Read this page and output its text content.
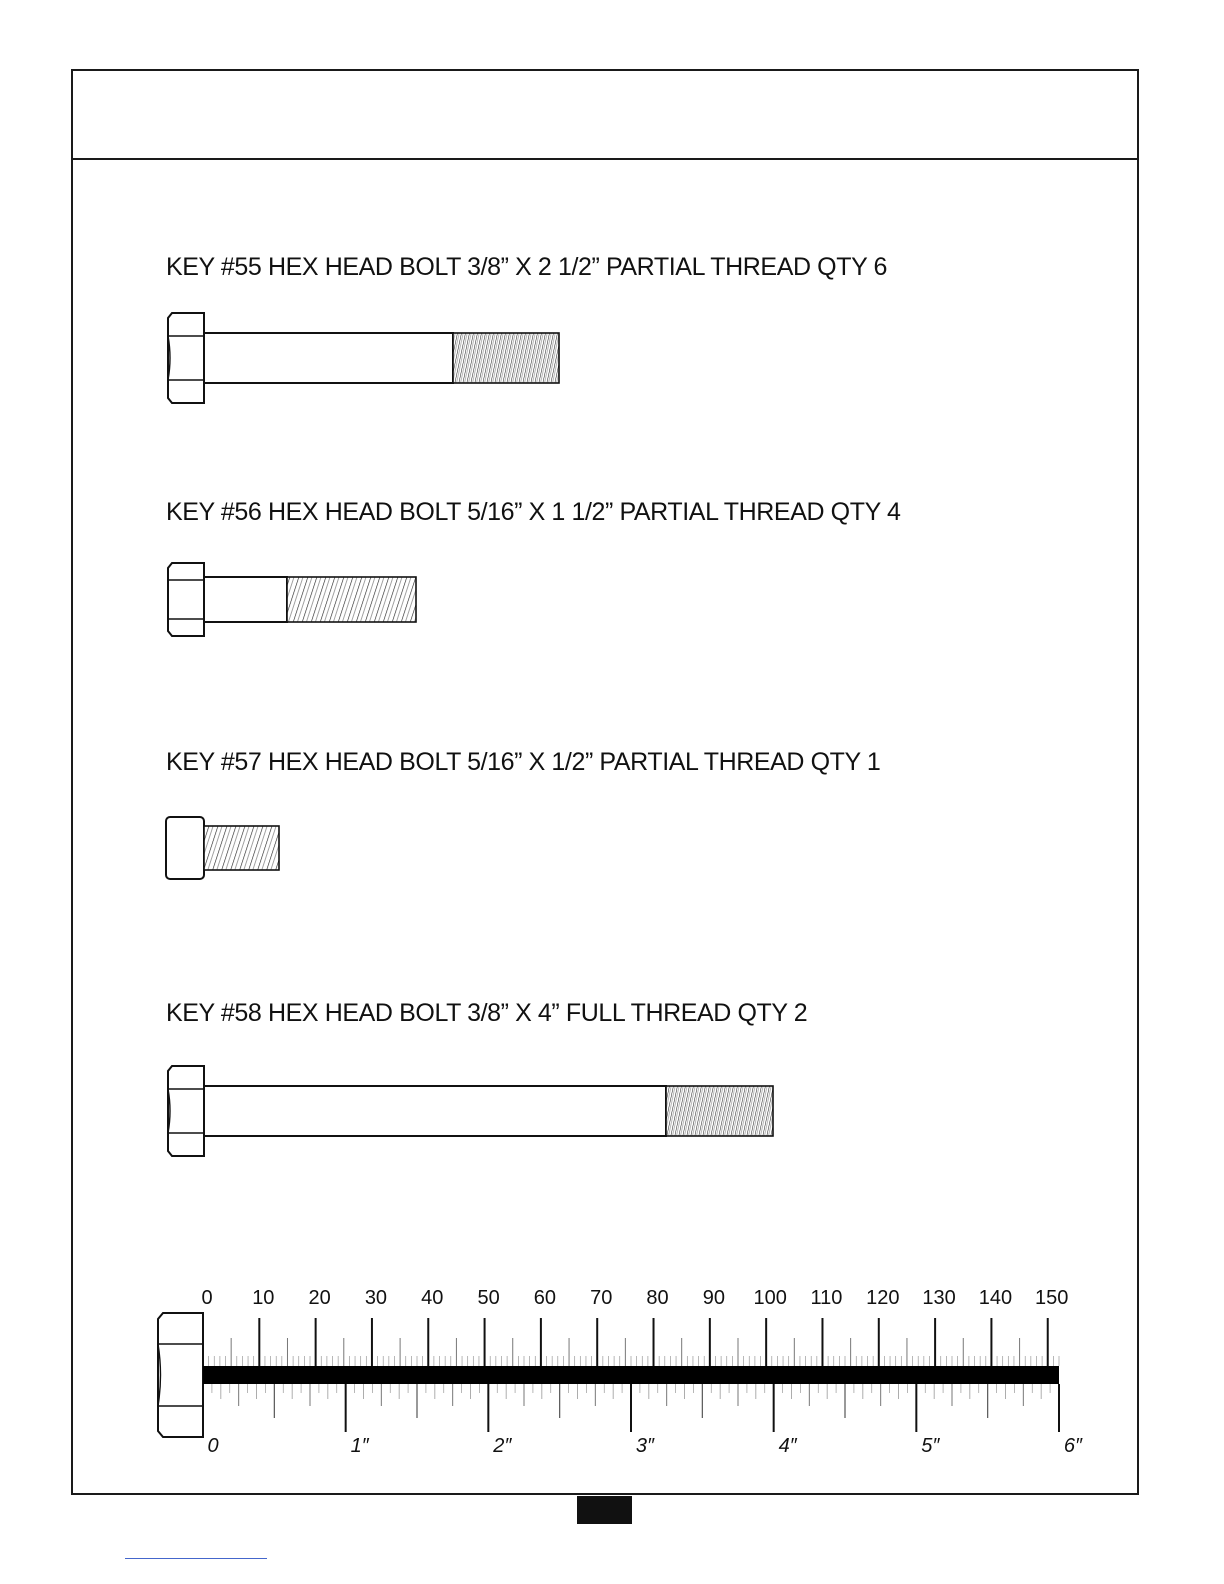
KEY #55 HEX HEAD BOLT 3/8” X 2 1/2” PARTIAL THREAD QTY 6
KEY #56 HEX HEAD BOLT 5/16” X 1 1/2” PARTIAL THREAD QTY 4
KEY #57 HEX HEAD BOLT 5/16” X 1/2” PARTIAL THREAD QTY 1
KEY #58 HEX HEAD BOLT 3/8” X 4” FULL THREAD QTY 2
0 10 20 30 40 50 60 70 80 90 100 110 120 130 140 150
0	1″	2″	3″	4″	5″	6″
